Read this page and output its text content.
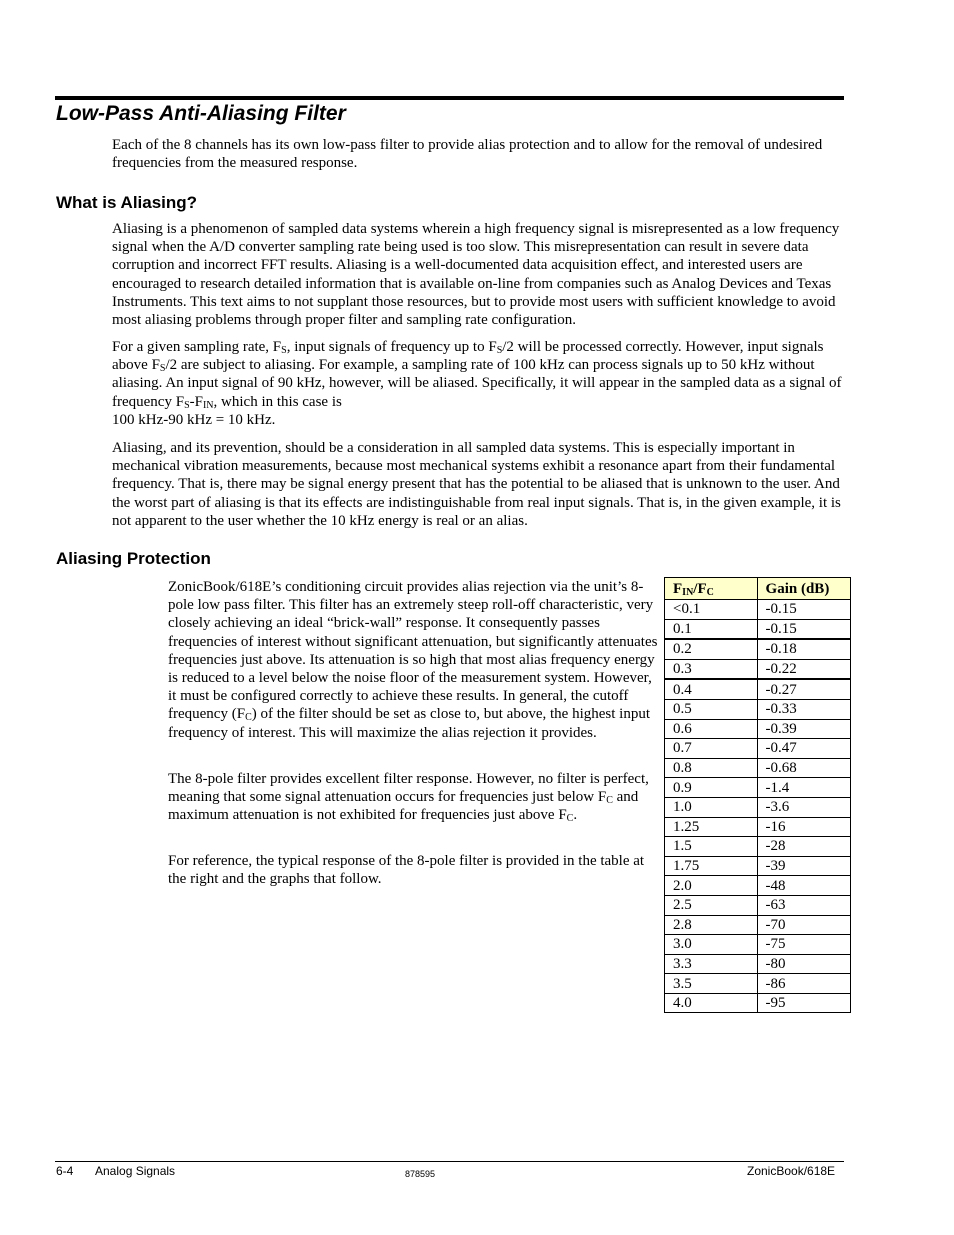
Low-Pass Anti-Aliasing Filter

Each of the 8 channels has its own low-pass filter to provide alias protection and to allow for the removal of undesired frequencies from the measured response.

What is Aliasing?

Aliasing is a phenomenon of sampled data systems wherein a high frequency signal is misrepresented as a low frequency signal when the A/D converter sampling rate being used is too slow. This misrepresentation can result in severe data corruption and incorrect FFT results. Aliasing is a well-documented data acquisition effect, and interested users are encouraged to research detailed information that is available on-line from companies such as Analog Devices and Texas Instruments. This text aims to not supplant those resources, but to provide most users with sufficient knowledge to avoid most aliasing problems through proper filter and sampling rate configuration.

For a given sampling rate, $F_S$, input signals of frequency up to $F_S/2$ will be processed correctly. However, input signals above $F_S/2$ are subject to aliasing. For example, a sampling rate of 100 kHz can process signals up to 50 kHz without aliasing. An input signal of 90 kHz, however, will be aliased. Specifically, it will appear in the sampled data as a signal of frequency $F_S-F_{IN}$, which in this case is
100 kHz-90 kHz = 10 kHz.

Aliasing, and its prevention, should be a consideration in all sampled data systems. This is especially important in mechanical vibration measurements, because most mechanical systems exhibit a resonance apart from their fundamental frequency. That is, there may be signal energy present that has the potential to be aliased that is unknown to the user. And the worst part of aliasing is that its effects are indistinguishable from real input signals. That is, in the given example, it is not apparent to the user whether the 10 kHz energy is real or an alias.

Aliasing Protection

ZonicBook/618E’s conditioning circuit provides alias rejection via the unit’s 8-pole low pass filter. This filter has an extremely steep roll-off characteristic, very closely achieving an ideal “brick-wall” response. It consequently passes frequencies of interest without significant attenuation, but significantly attenuates frequencies just above. Its attenuation is so high that most alias frequency energy is reduced to a level below the noise floor of the measurement system. However, it must be configured correctly to achieve these results. In general, the cutoff frequency $(F_C)$ of the filter should be set as close to, but above, the highest input frequency of interest. This will maximize the alias rejection it provides.

The 8-pole filter provides excellent filter response. However, no filter is perfect, meaning that some signal attenuation occurs for frequencies just below $F_C$ and maximum attenuation is not exhibited for frequencies just above $F_C$.

For reference, the typical response of the 8-pole filter is provided in the table at the right and the graphs that follow.

$F_{IN}/F_C$	Gain (dB)
<0.1	-0.15
0.1	-0.15
0.2	-0.18
0.3	-0.22
0.4	-0.27
0.5	-0.33
0.6	-0.39
0.7	-0.47
0.8	-0.68
0.9	-1.4
1.0	-3.6
1.25	-16
1.5	-28
1.75	-39
2.0	-48
2.5	-63
2.8	-70
3.0	-75
3.3	-80
3.5	-86
4.0	-95
6-4 Analog Signals	878595	ZonicBook/618E
